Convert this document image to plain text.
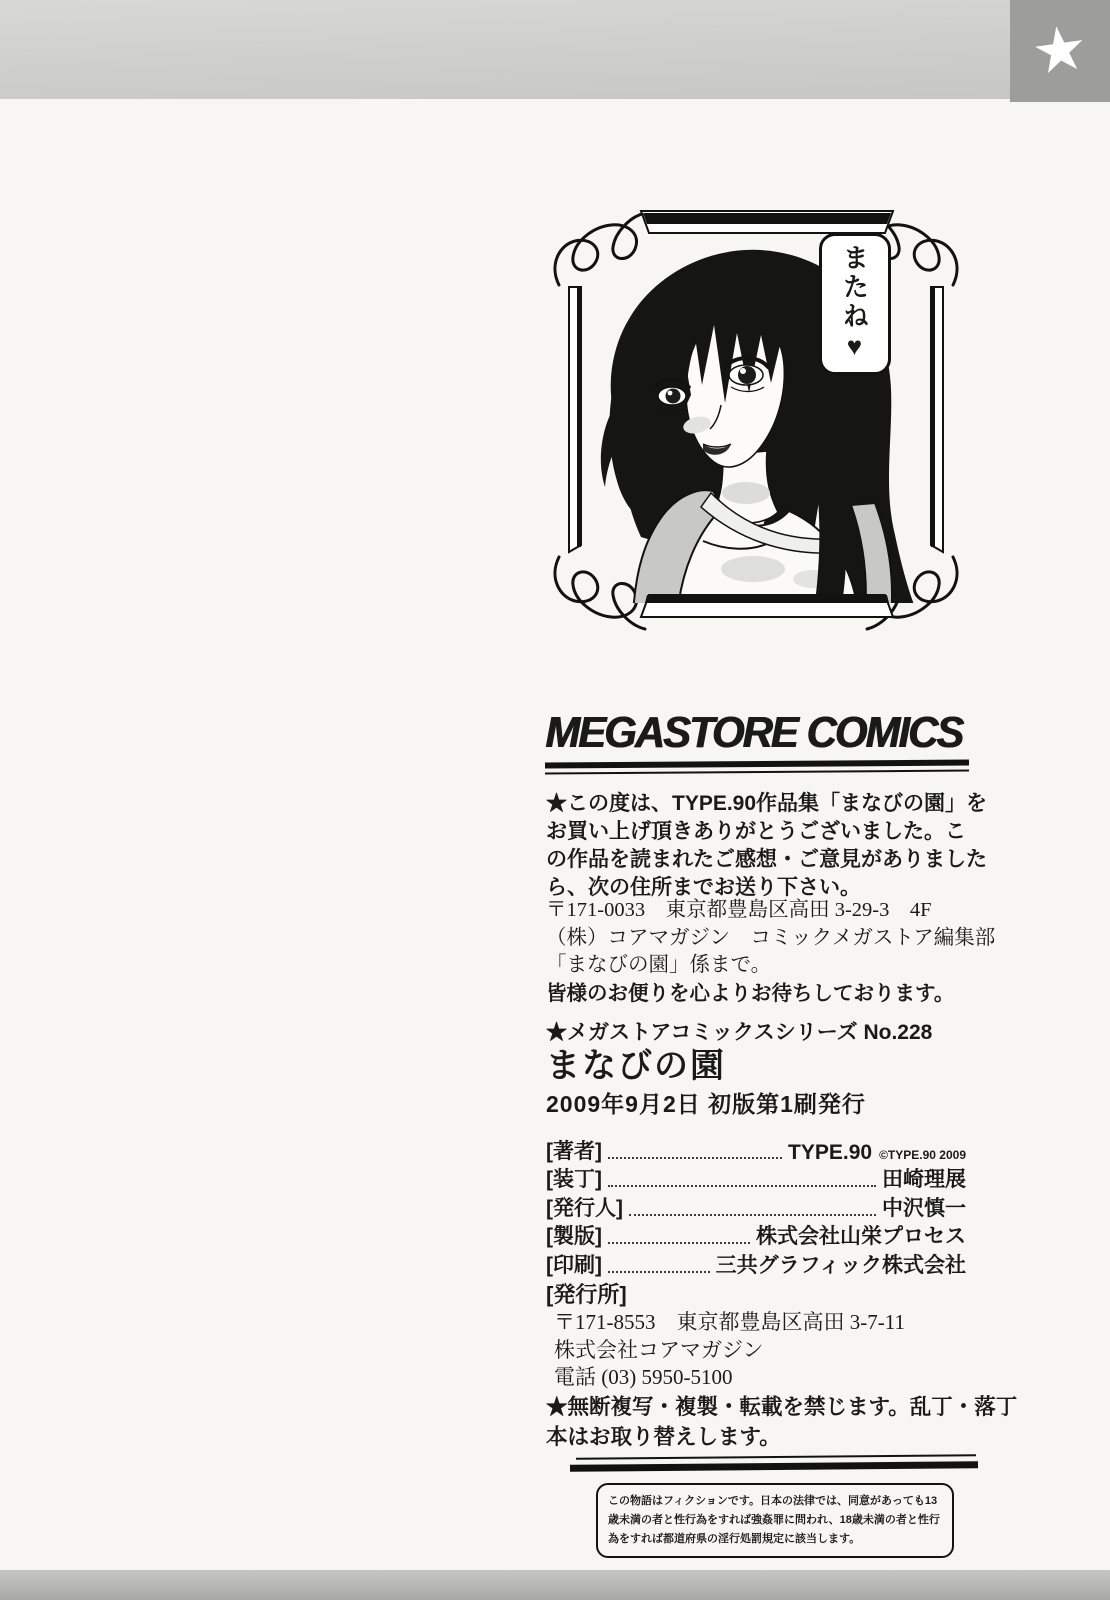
★
またね♥
MEGASTORE COMICS
★この度は、TYPE.90作品集「まなびの園」を
お買い上げ頂きありがとうございました。こ
の作品を読まれたご感想・ご意見がありました
ら、次の住所までお送り下さい。
〒171-0033　東京都豊島区高田 3-29-3　4F
（株）コアマガジン　コミックメガストア編集部
「まなびの園」係まで。
皆様のお便りを心よりお待ちしております。
★メガストアコミックスシリーズ No.228
まなびの園
2009年9月2日 初版第1刷発行
[著者]	TYPE.90 ©TYPE.90 2009
[装丁]	田崎理展
[発行人]	中沢慎一
[製版]	株式会社山栄プロセス
[印刷]	三共グラフィック株式会社
[発行所]
〒171-8553　東京都豊島区高田 3-7-11
株式会社コアマガジン
電話 (03) 5950-5100
★無断複写・複製・転載を禁じます。乱丁・落丁
本はお取り替えします。
この物語はフィクションです。日本の法律では、同意があっても13歳未満の者と性行為をすれば強姦罪に問われ、18歳未満の者と性行為をすれば都道府県の淫行処罰規定に該当します。
